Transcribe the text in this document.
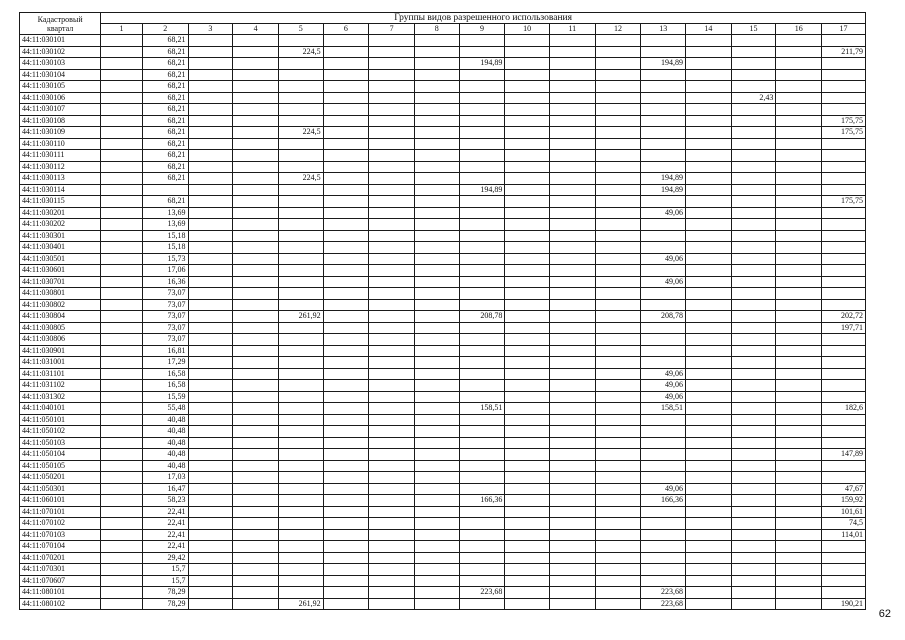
Кадастровый
квартал	Группы видов разрешенного использования																
	1	2	3	4	5	6	7	8	9	10	11	12	13	14	15	16	17
44:11:030101		68,21															
44:11:030102		68,21			224,5												211,79
44:11:030103		68,21							194,89				194,89				
44:11:030104		68,21															
44:11:030105		68,21															
44:11:030106		68,21													2,43		
44:11:030107		68,21															
44:11:030108		68,21															175,75
44:11:030109		68,21			224,5												175,75
44:11:030110		68,21															
44:11:030111		68,21															
44:11:030112		68,21															
44:11:030113		68,21			224,5								194,89				
44:11:030114									194,89				194,89				
44:11:030115		68,21															175,75
44:11:030201		13,69											49,06				
44:11:030202		13,69															
44:11:030301		15,18															
44:11:030401		15,18															
44:11:030501		15,73											49,06				
44:11:030601		17,06															
44:11:030701		16,36											49,06				
44:11:030801		73,07															
44:11:030802		73,07															
44:11:030804		73,07			261,92				208,78				208,78				202,72
44:11:030805		73,07															197,71
44:11:030806		73,07															
44:11:030901		16,81															
44:11:031001		17,29															
44:11:031101		16,58											49,06				
44:11:031102		16,58											49,06				
44:11:031302		15,59											49,06				
44:11:040101		55,48							158,51				158,51				182,6
44:11:050101		40,48															
44:11:050102		40,48															
44:11:050103		40,48															
44:11:050104		40,48															147,89
44:11:050105		40,48															
44:11:050201		17,03															
44:11:050301		16,47											49,06				47,67
44:11:060101		58,23							166,36				166,36				159,92
44:11:070101		22,41															101,61
44:11:070102		22,41															74,5
44:11:070103		22,41															114,01
44:11:070104		22,41															
44:11:070201		29,42															
44:11:070301		15,7															
44:11:070607		15,7															
44:11:080101		78,29							223,68				223,68				
44:11:080102		78,29			261,92								223,68				190,21
62
